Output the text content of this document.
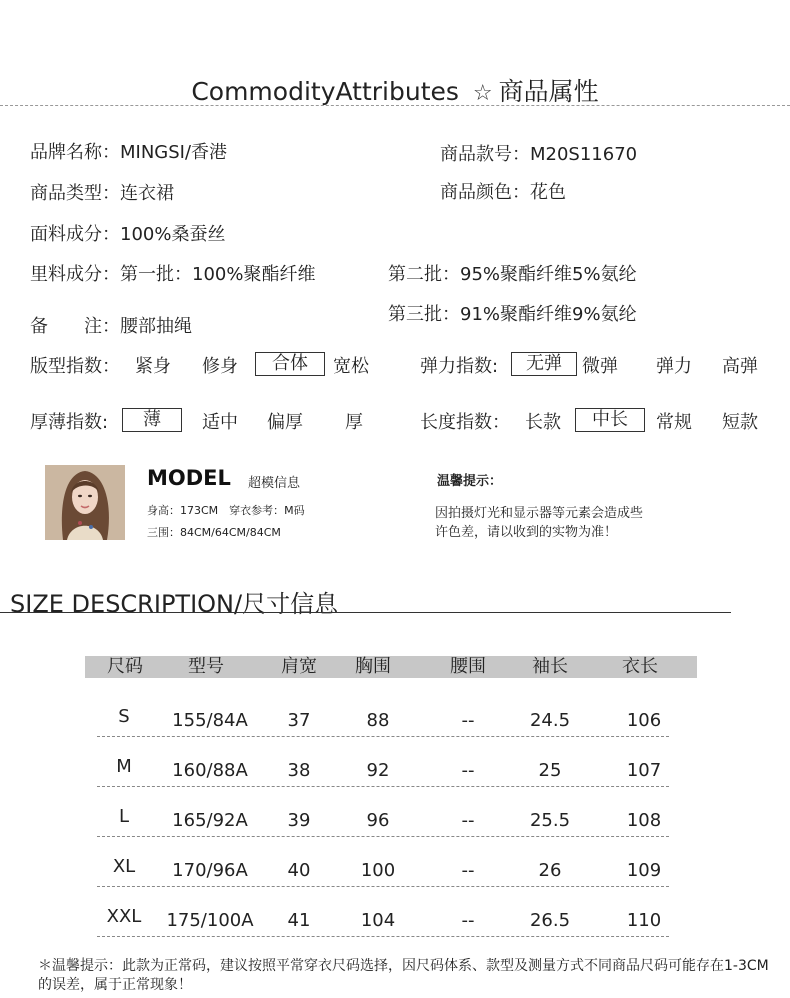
CommodityAttributes ☆ 商品属性
品牌名称：MINGSI/香港	商品款号：M20S11670
商品类型：连衣裙	商品颜色：花色
面料成分：100%桑蚕丝
里料成分：第一批：100%聚酯纤维	第二批：95%聚酯纤维5%氨纶
第三批：91%聚酯纤维9%氨纶
备　　注：腰部抽绳
版型指数： 紧身 修身	合体	宽松	弹力指数:	无弹	微弹 弹力 高弹
厚薄指数:	薄	适中 偏厚 厚	长度指数： 长款	中长	常规 短款
MODEL 超模信息
身高：173CM　穿衣参考：M码
三围：84CM/64CM/84CM
温馨提示：
因拍摄灯光和显示器等元素会造成些
许色差，请以收到的实物为准！
SIZE DESCRIPTION/尺寸信息
尺码	型号	肩宽 胸围	腰围	袖长	衣长
S 155/84A 37	88	--	24.5	106
M 160/88A 38	92	--	25	107
L 165/92A 39	96	--	25.5	108
XL 170/96A 40	100	--	26	109
XXL 175/100A 41	104	--	26.5	110
＊温馨提示：此款为正常码，建议按照平常穿衣尺码选择，因尺码体系、款型及测量方式不同商品尺码可能存在1-3CM的误差，属于正常现象！
